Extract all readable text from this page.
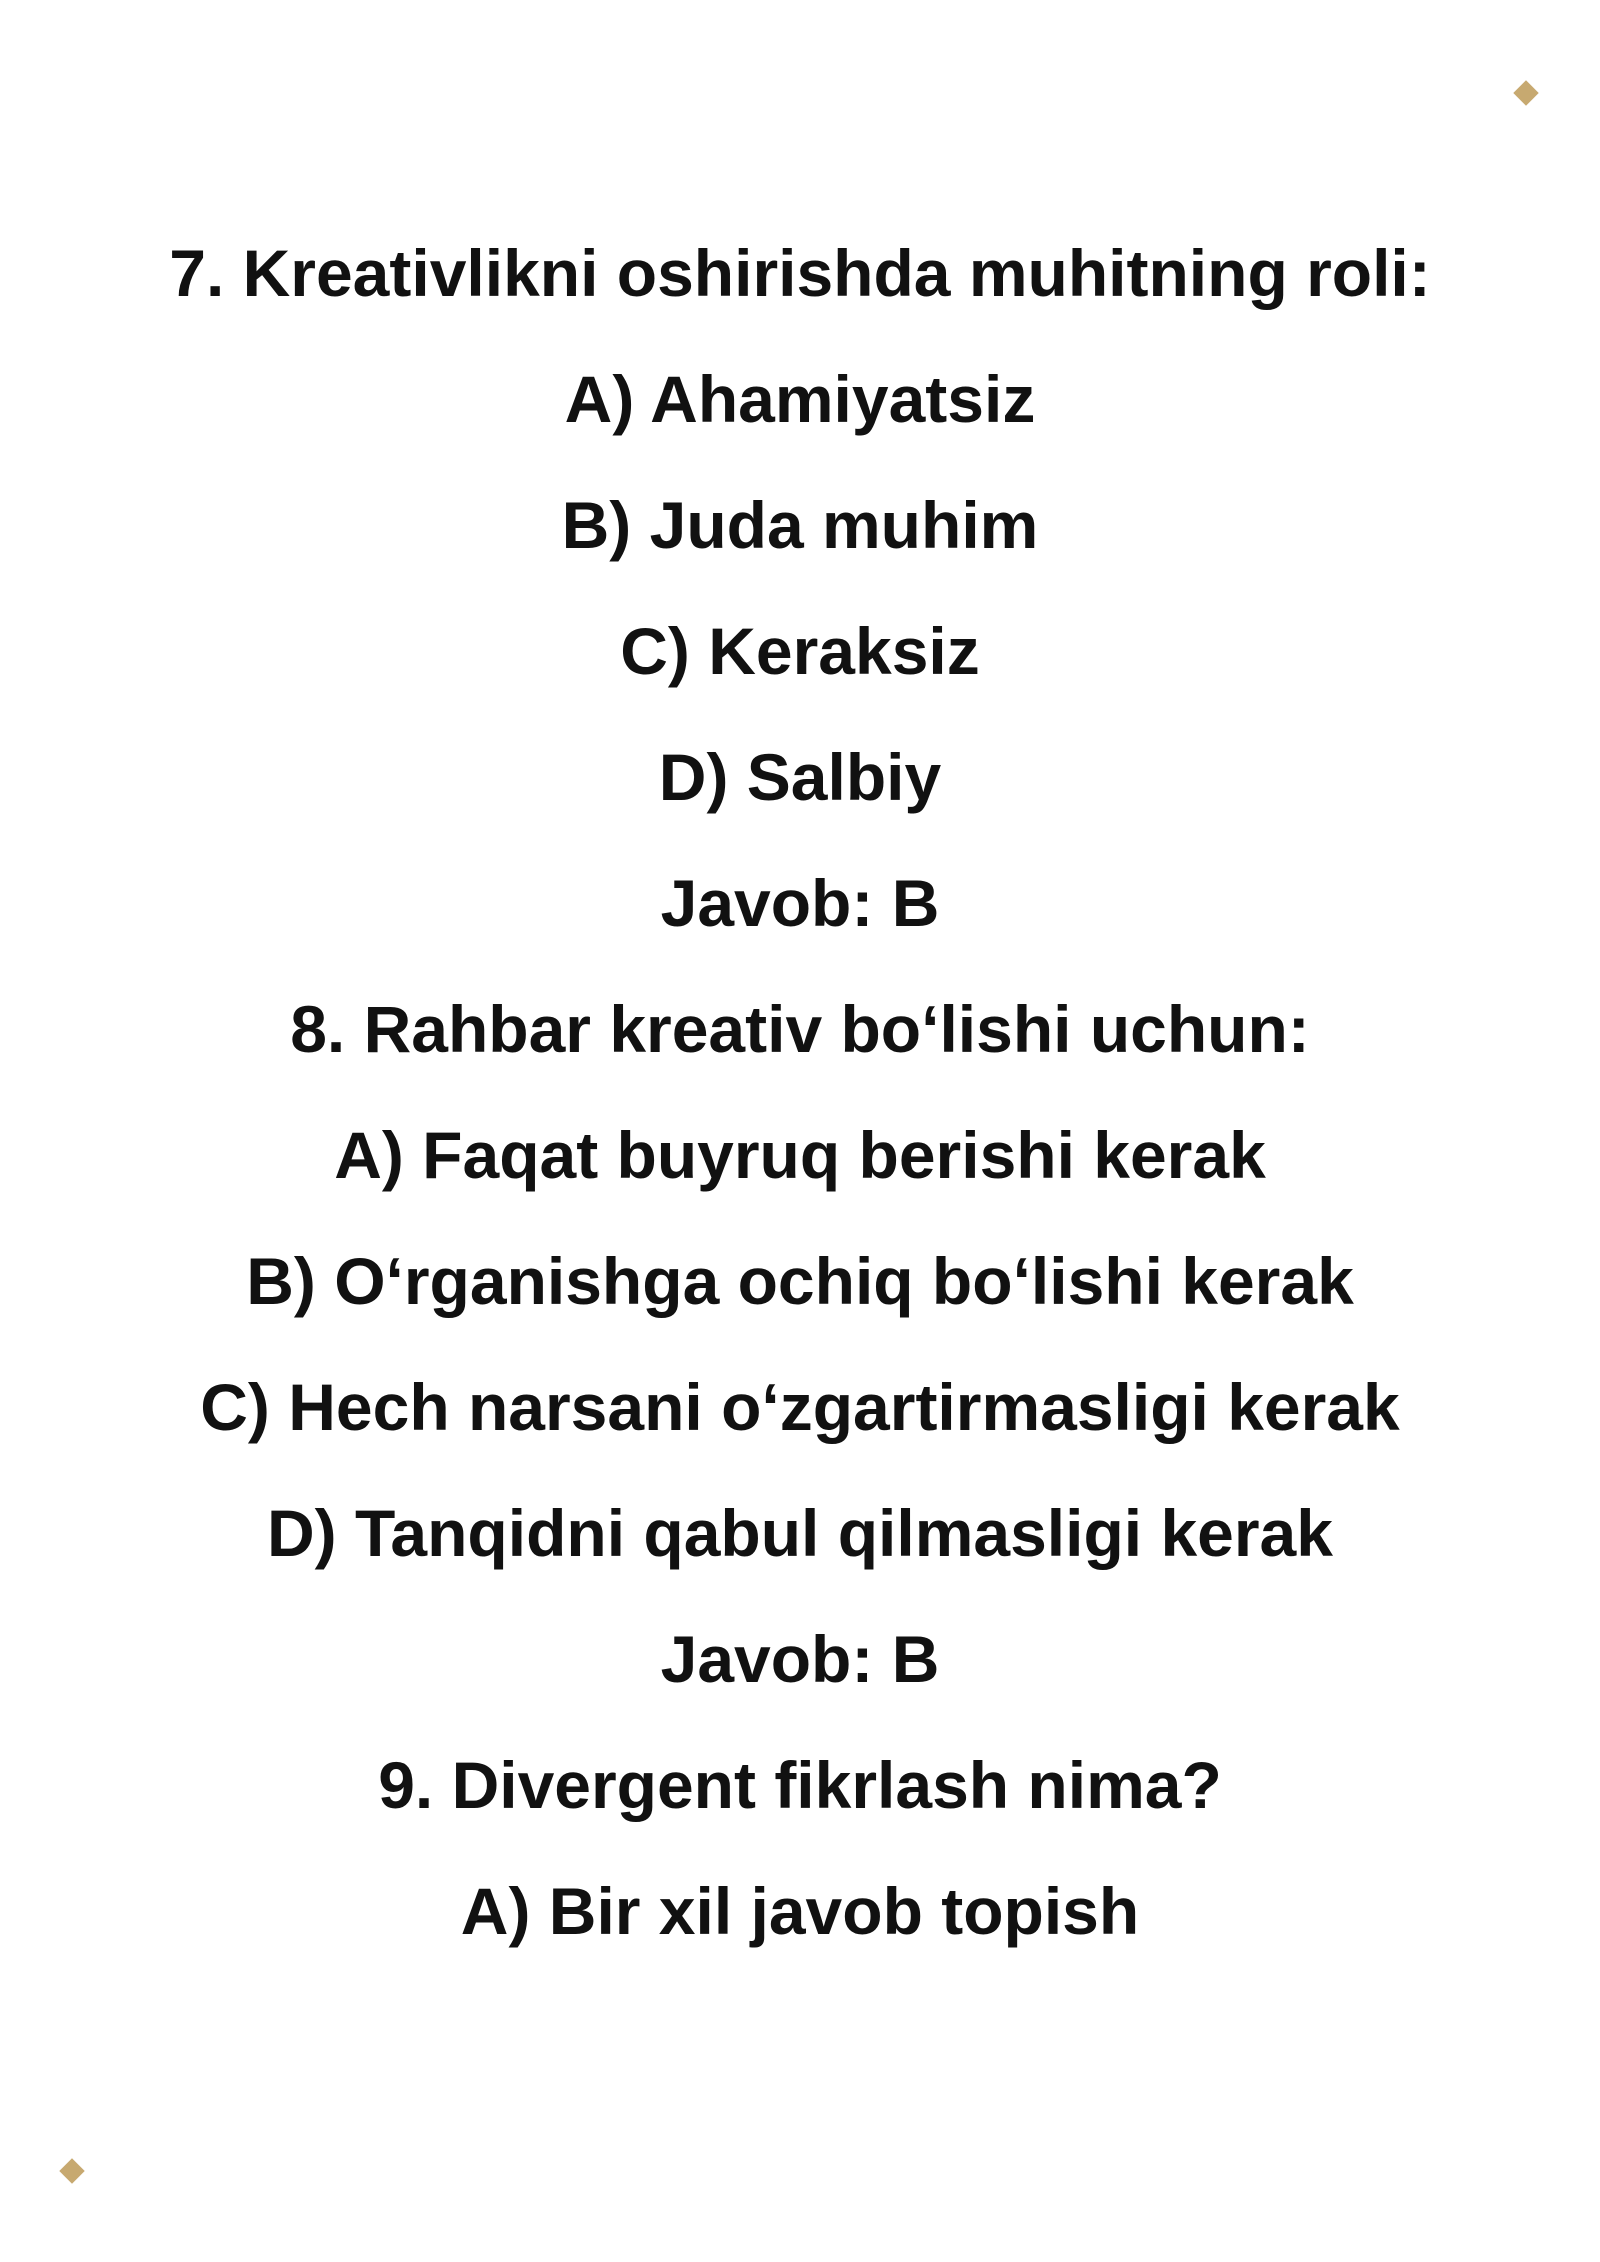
7. Kreativlikni oshirishda muhitning roli:
A) Ahamiyatsiz
B) Juda muhim
C) Keraksiz
D) Salbiy
Javob: B
8. Rahbar kreativ bo‘lishi uchun:
A) Faqat buyruq berishi kerak
B) O‘rganishga ochiq bo‘lishi kerak
C) Hech narsani o‘zgartirmasligi kerak
D) Tanqidni qabul qilmasligi kerak
Javob: B
9. Divergent fikrlash nima?
A) Bir xil javob topish
